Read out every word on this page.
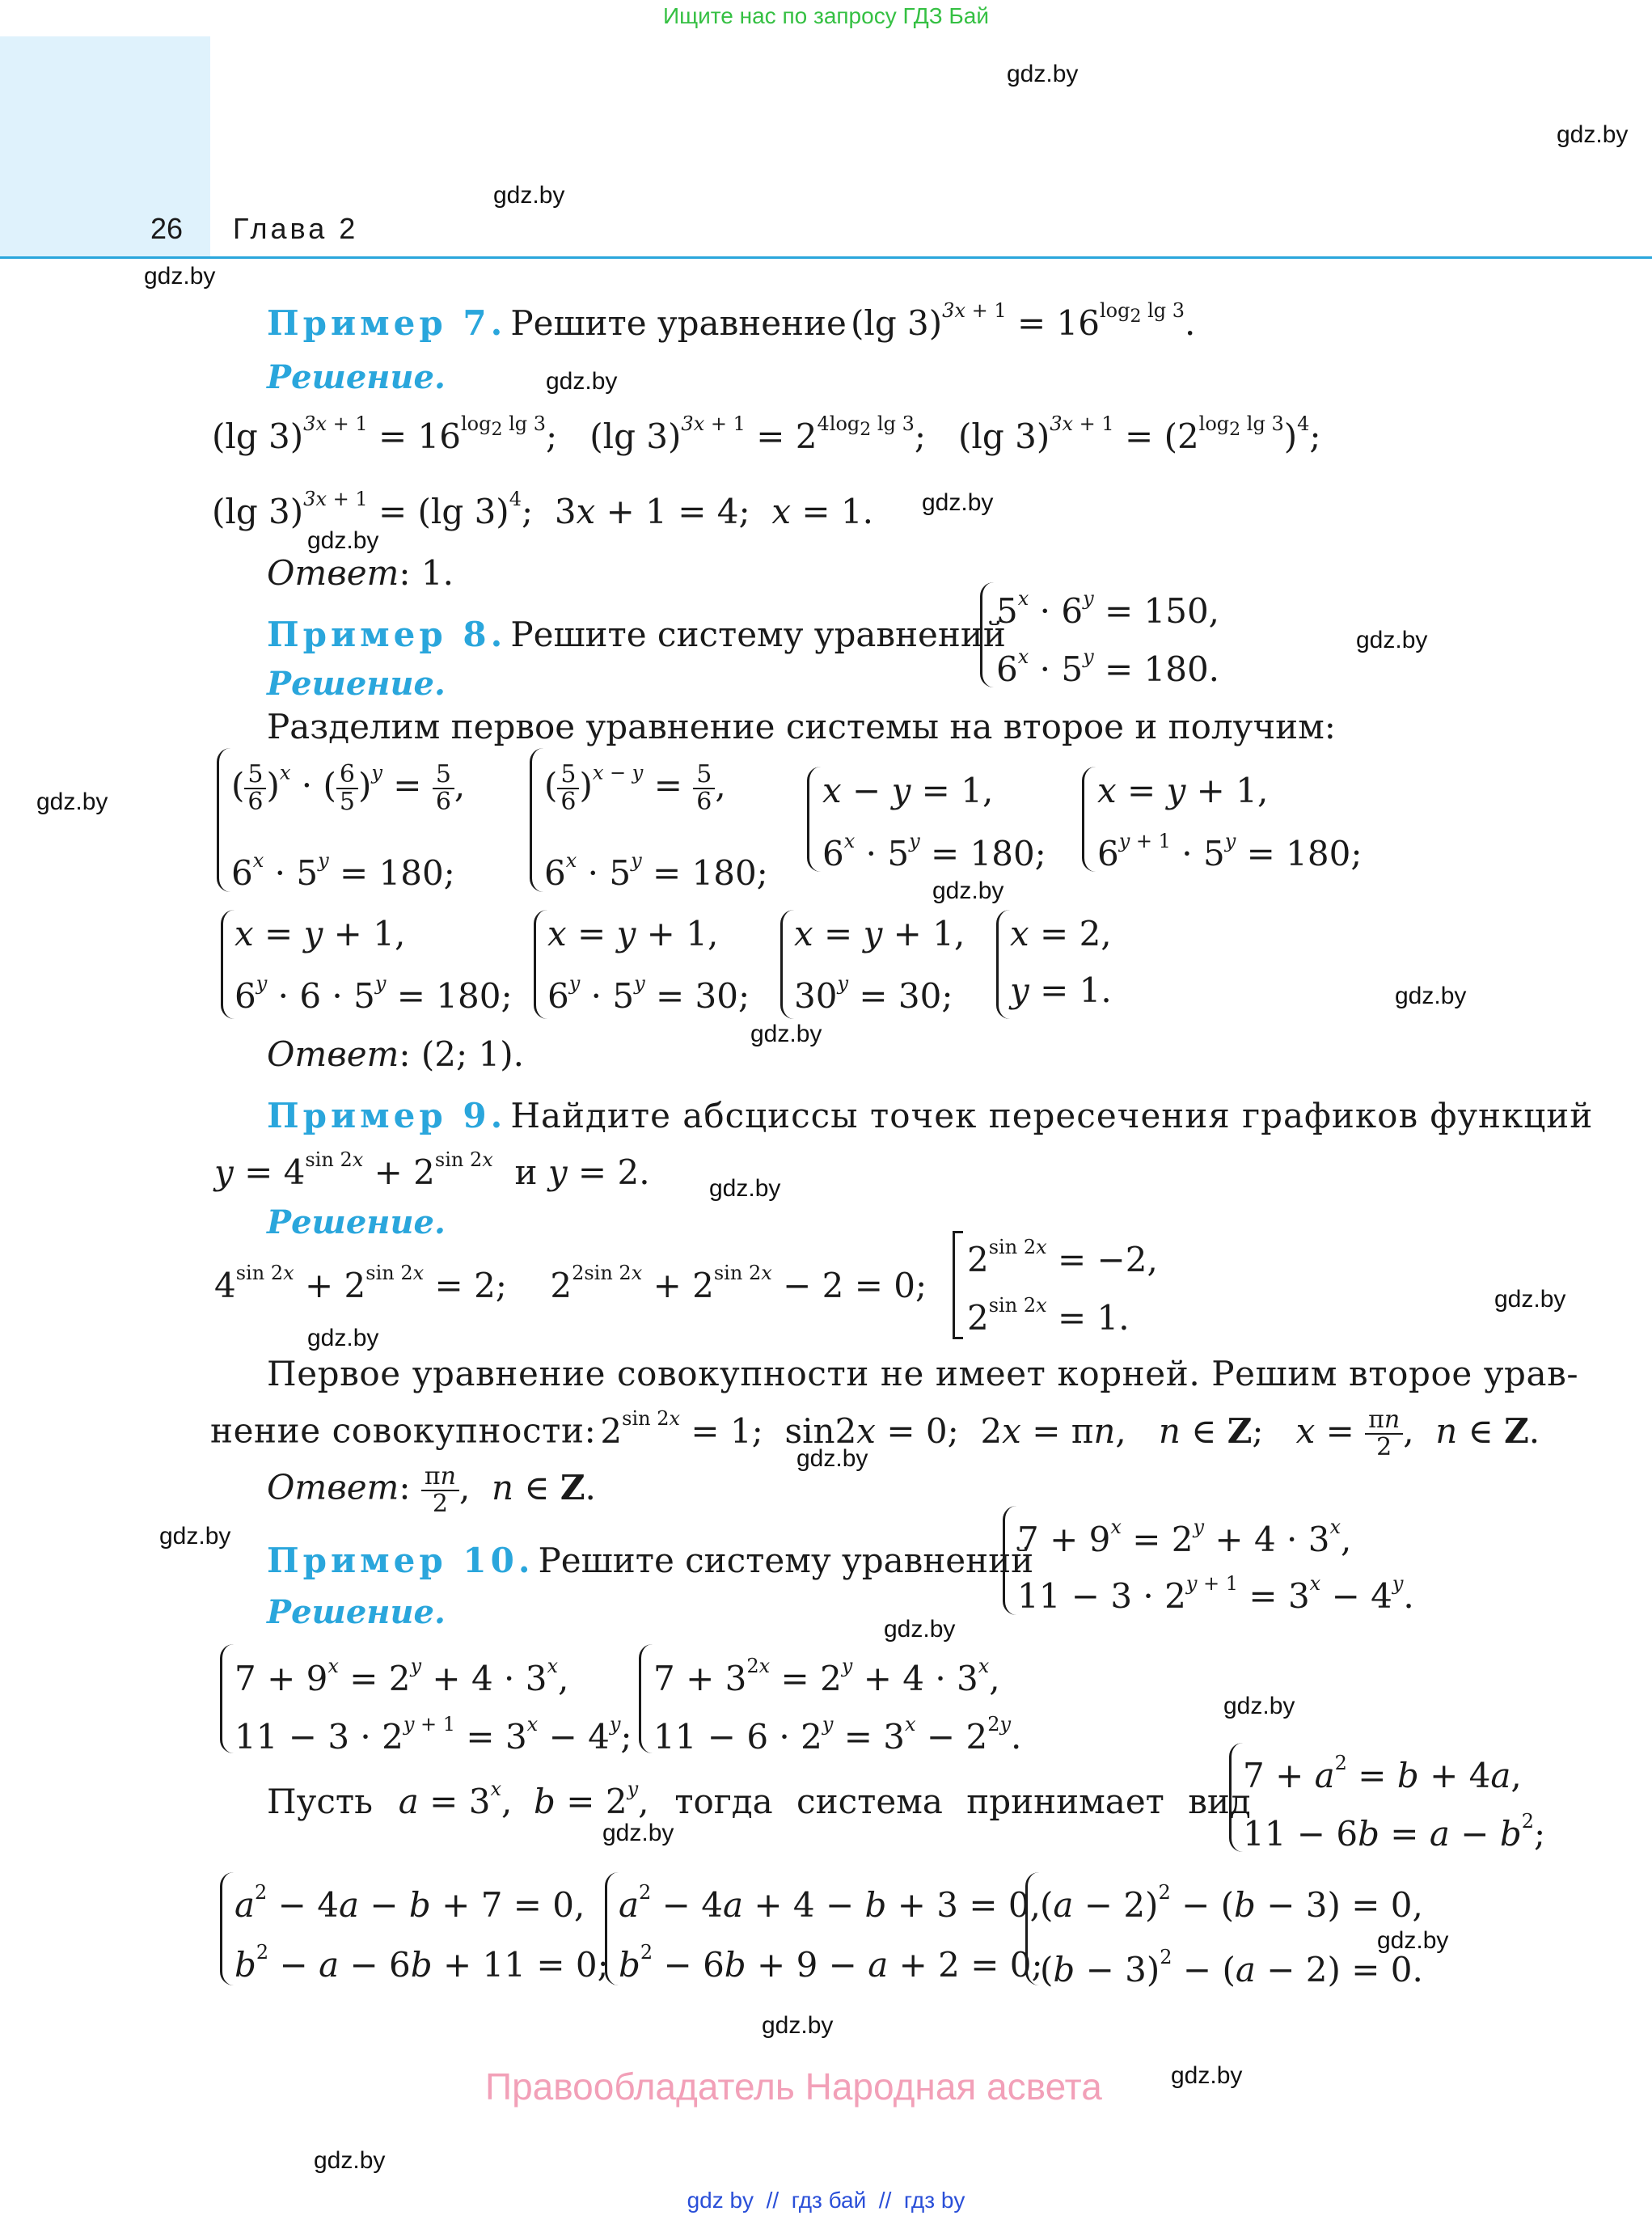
Ищите нас по запросу ГДЗ Бай
26 Глава 2
gdz.by
gdz.by
gdz.by
gdz.by
gdz.by
gdz.by
gdz.by
gdz.by
gdz.by
gdz.by
gdz.by
gdz.by
gdz.by
gdz.by
gdz.by
gdz.by
gdz.by
gdz.by
gdz.by
gdz.by
gdz.by
gdz.by
gdz.by
gdz.by
Пример 7. Решите уравнение (lg $3)^{3x + 1} = 16^{log2 lg 3}$.
Решение.
(lg $3)^{3x + 1} = 16^{log2 lg 3}$;   (lg $3)^{3x + 1} = 2^{4log2 lg 3}$;   (lg $3)^{3x + 1} = (2^{log2 lg 3})^4$;
(lg 3)$^{3x + 1}$ = (lg 3)$^4$;  3x + 1 = 4;  x = 1.
Ответ: 1.
Пример 8. Решите систему уравнений
$5^x \cdot 6^y = 150$,
$6^x \cdot 5^y = 180$.
Решение.
Разделим первое уравнение системы на второе и получим:
( $\frac{5}{6} )^x$ · ( $\frac{6}{5} )^y = \frac{5}{6}$ ,
$6^x \cdot 5^y = 180$;
( $\frac{5}{6} )^{x - y} = \frac{5}{6}$ ,
$6^x \cdot 5^y = 180$;
x − y = 1,
$6^x \cdot 5^y = 180$;
x = y + 1,
$6^{y + 1} \cdot 5^y = 180$;
x = y + 1,
$6^y \cdot 6 \cdot 5^y = 180$;
x = y + 1,
$6^y \cdot 5^y = 30$;
x = y + 1,
$30^y = 30$;
x = 2,
y = 1.
Ответ: (2; 1).
Пример 9. Найдите абсциссы точек пересечения графиков функций
$y = 4^{sin 2x} + 2^{sin 2x}$  и y = 2.
Решение.
$4^{sin 2x} + 2^{sin 2x} = 2$;    $2^{2sin 2x} + 2^{sin 2x} - 2 = 0$;
$2^{sin 2x} = -2$,
$2^{sin 2x} = 1$.
Первое уравнение совокупности не имеет корней. Решим второе урав-
нение совокупности: $2^{sin 2x} = 1$;  sin2x = 0;  2x = πn,   n ∈ Z;   $x = \frac{\pi n}{2}$ ,  n ∈ Z.
Ответ: $\frac{\pi n}{2}$ ,  n ∈ Z.
Пример 10. Решите систему уравнений
$7 + 9^x = 2^y + 4 \cdot 3^x$,
$11 - 3 \cdot 2^{y + 1} = 3^x - 4^y$.
Решение.
$7 + 9^x = 2^y + 4 \cdot 3^x$,
$11 - 3 \cdot 2^{y + 1} = 3^x - 4^y$;
$7 + 3^{2x} = 2^y + 4 \cdot 3^x$,
$11 - 6 \cdot 2^y = 3^x - 2^{2y}$.
Пусть $a = 3^x$,  $b = 2^y$,   тогда система принимает вид
$7 + a^2 = b + 4a$,
$11 - 6b = a - b^2$;
$a^2 - 4a - b + 7 = 0$,
$b^2 - a - 6b + 11 = 0$;
$a^2 - 4a + 4 - b + 3 = 0$,
$b^2 - 6b + 9 - a + 2 = 0$;
$(a - 2)^2 - (b - 3) = 0$,
$(b - 3)^2 - (a - 2) = 0$.
Правообладатель Народная асвета
gdz by  //  гдз бай  //  гдз by
